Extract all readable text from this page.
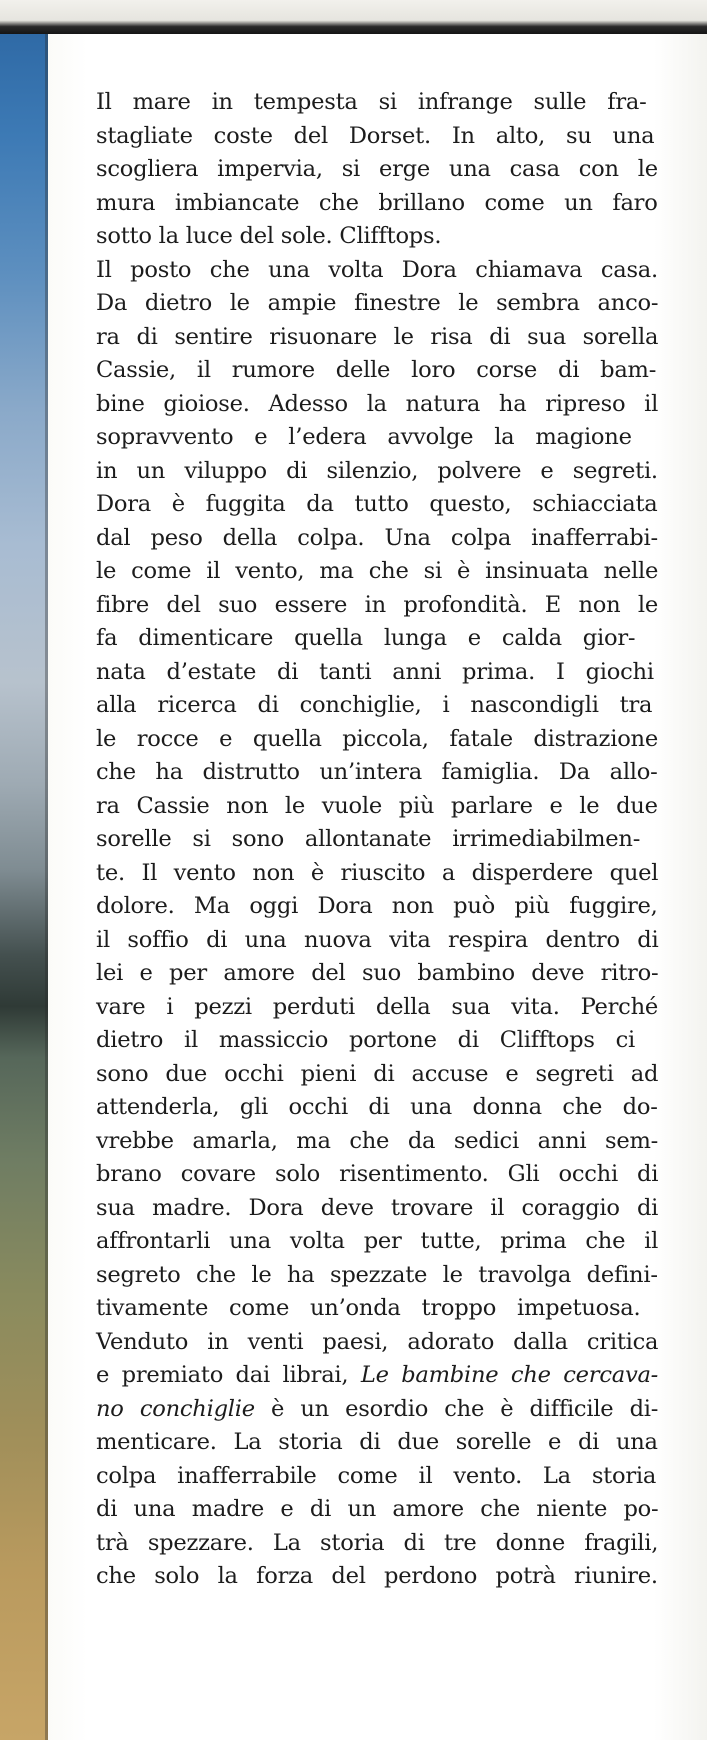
Il mare in tempesta si infrange sulle fra-
stagliate coste del Dorset. In alto, su una
scogliera impervia, si erge una casa con le
mura imbiancate che brillano come un faro
sotto la luce del sole. Clifftops.
Il posto che una volta Dora chiamava casa.
Da dietro le ampie finestre le sembra anco-
ra di sentire risuonare le risa di sua sorella
Cassie, il rumore delle loro corse di bam-
bine gioiose. Adesso la natura ha ripreso il
sopravvento e l’edera avvolge la magione
in un viluppo di silenzio, polvere e segreti.
Dora è fuggita da tutto questo, schiacciata
dal peso della colpa. Una colpa inafferrabi-
le come il vento, ma che si è insinuata nelle
fibre del suo essere in profondità. E non le
fa dimenticare quella lunga e calda gior-
nata d’estate di tanti anni prima. I giochi
alla ricerca di conchiglie, i nascondigli tra
le rocce e quella piccola, fatale distrazione
che ha distrutto un’intera famiglia. Da allo-
ra Cassie non le vuole più parlare e le due
sorelle si sono allontanate irrimediabilmen-
te. Il vento non è riuscito a disperdere quel
dolore. Ma oggi Dora non può più fuggire,
il soffio di una nuova vita respira dentro di
lei e per amore del suo bambino deve ritro-
vare i pezzi perduti della sua vita. Perché
dietro il massiccio portone di Clifftops ci
sono due occhi pieni di accuse e segreti ad
attenderla, gli occhi di una donna che do-
vrebbe amarla, ma che da sedici anni sem-
brano covare solo risentimento. Gli occhi di
sua madre. Dora deve trovare il coraggio di
affrontarli una volta per tutte, prima che il
segreto che le ha spezzate le travolga defini-
tivamente come un’onda troppo impetuosa.
Venduto in venti paesi, adorato dalla critica
e premiato dai librai, Le bambine che cercava-
no conchiglie è un esordio che è difficile di-
menticare. La storia di due sorelle e di una
colpa inafferrabile come il vento. La storia
di una madre e di un amore che niente po-
trà spezzare. La storia di tre donne fragili,
che solo la forza del perdono potrà riunire.
